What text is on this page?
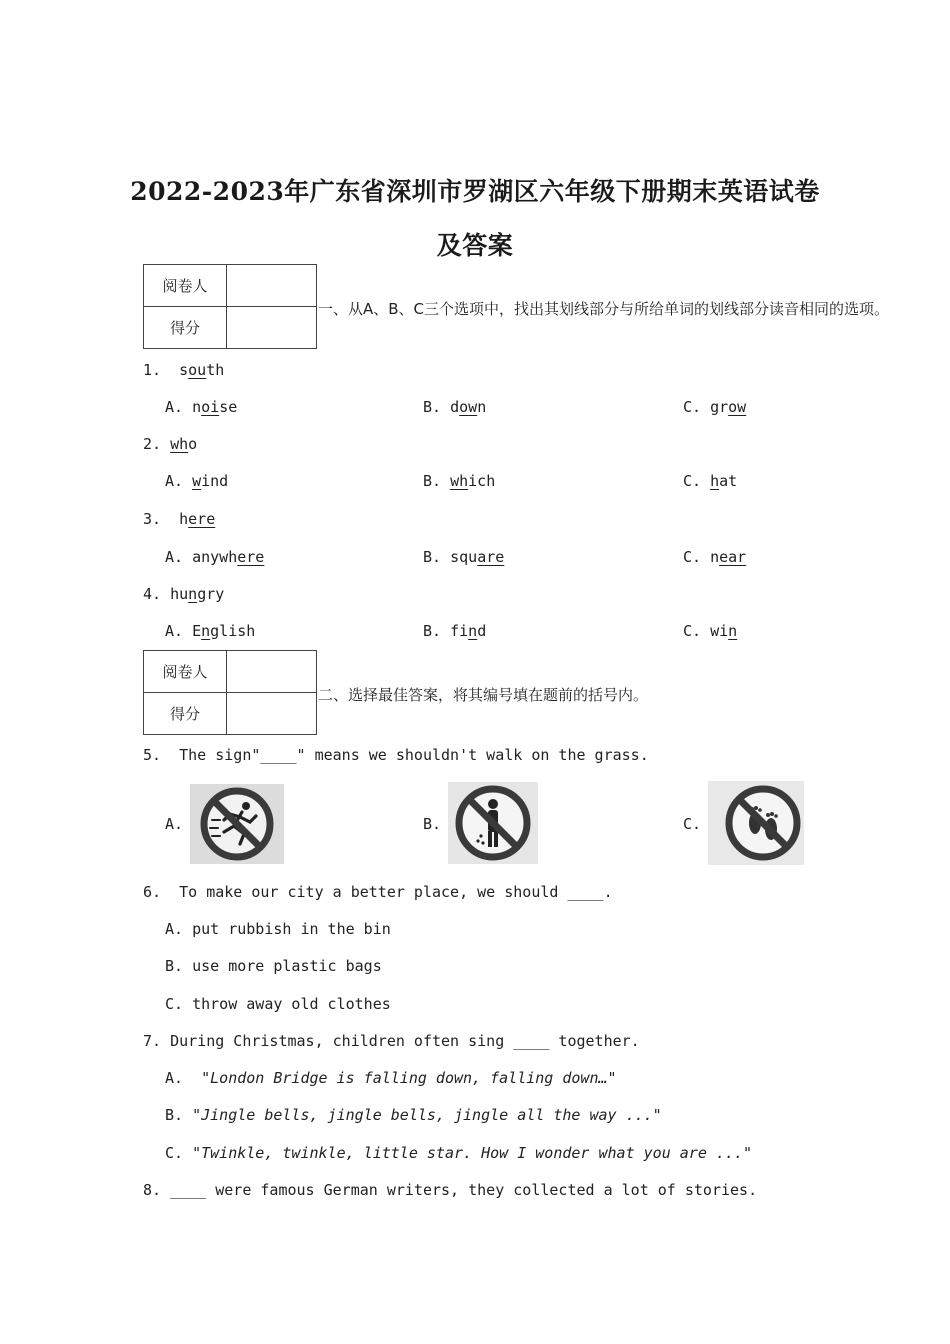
2022-2023年广东省深圳市罗湖区六年级下册期末英语试卷
及答案
阅卷人	
得分	
一、从A、B、C三个选项中，找出其划线部分与所给单词的划线部分读音相同的选项。
1. south
A. noise	B. down	C. grow
2. who
A. wind	B. which	C. hat
3. here
A. anywhere	B. square	C. near
4. hungry
A. English	B. find	C. win
阅卷人	
得分	
二、选择最佳答案，将其编号填在题前的括号内。
5. The sign"____" means we shouldn't walk on the grass.
A.	B.	C.
6. To make our city a better place, we should ____.
A. put rubbish in the bin
B. use more plastic bags
C. throw away old clothes
7. During Christmas, children often sing ____ together.
A. "London Bridge is falling down, falling down…"
B. "Jingle bells, jingle bells, jingle all the way ..."
C. "Twinkle, twinkle, little star. How I wonder what you are ..."
8. ____ were famous German writers, they collected a lot of stories.
